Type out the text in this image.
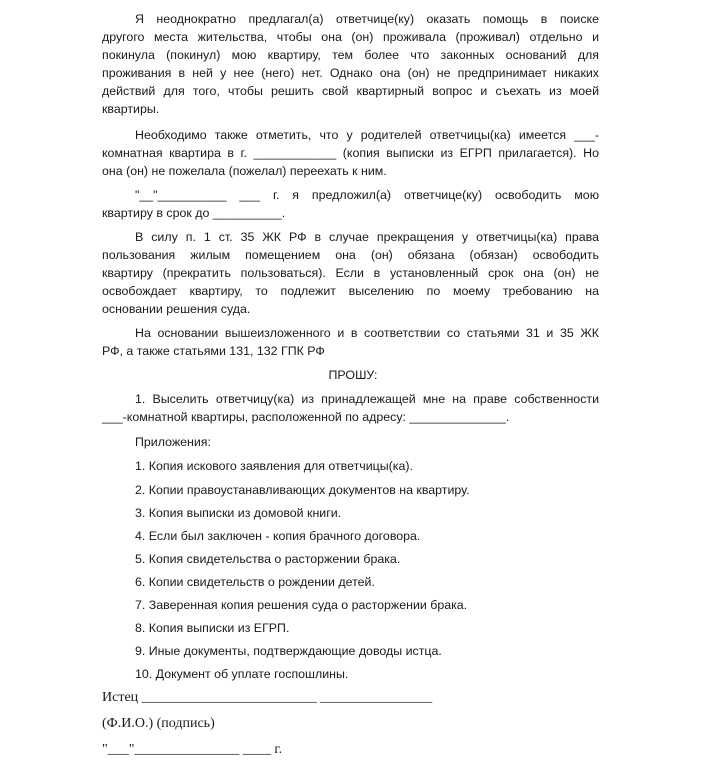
Я неоднократно предлагал(а) ответчице(ку) оказать помощь в поиске
другого места жительства, чтобы она (он) проживала (проживал) отдельно и
покинула (покинул) мою квартиру, тем более что законных оснований для
проживания в ней у нее (него) нет. Однако она (он) не предпринимает никаких
действий для того, чтобы решить свой квартирный вопрос и съехать из моей
квартиры.
Необходимо также отметить, что у родителей ответчицы(ка) имеется ___-
комнатная квартира в г. ____________ (копия выписки из ЕГРП прилагается). Но
она (он) не пожелала (пожелал) переехать к ним.
"__"__________ ___ г. я предложил(а) ответчице(ку) освободить мою
квартиру в срок до __________.
В силу п. 1 ст. 35 ЖК РФ в случае прекращения у ответчицы(ка) права
пользования жилым помещением она (он) обязана (обязан) освободить
квартиру (прекратить пользоваться). Если в установленный срок она (он) не
освобождает квартиру, то подлежит выселению по моему требованию на
основании решения суда.
На основании вышеизложенного и в соответствии со статьями 31 и 35 ЖК
РФ, а также статьями 131, 132 ГПК РФ
ПРОШУ:
1. Выселить ответчицу(ка) из принадлежащей мне на праве собственности
___-комнатной квартиры, расположенной по адресу: ______________.
Приложения:
1. Копия искового заявления для ответчицы(ка).
2. Копии правоустанавливающих документов на квартиру.
3. Копия выписки из домовой книги.
4. Если был заключен - копия брачного договора.
5. Копия свидетельства о расторжении брака.
6. Копии свидетельств о рождении детей.
7. Заверенная копия решения суда о расторжении брака.
8. Копия выписки из ЕГРП.
9. Иные документы, подтверждающие доводы истца.
10. Документ об уплате госпошлины.
Истец _________________________ ________________
(Ф.И.О.) (подпись)
"___"_______________ ____ г.
